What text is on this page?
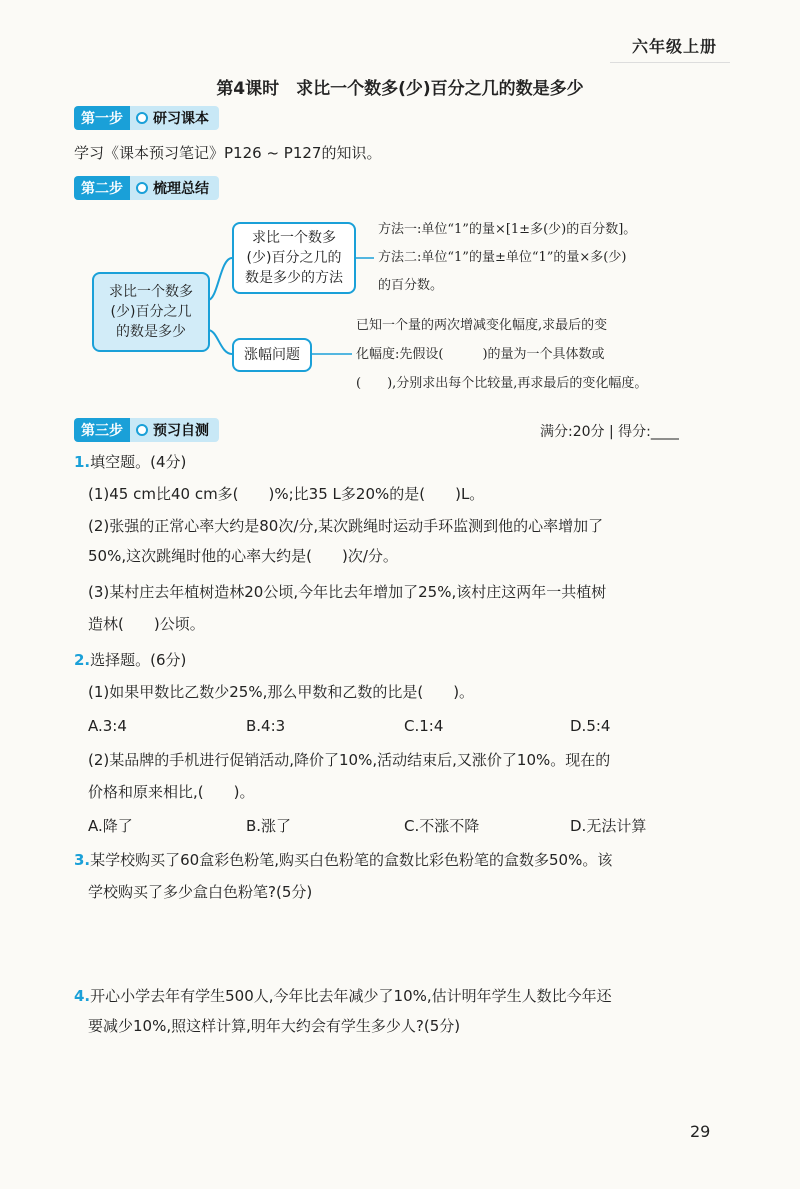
六年级上册
第4课时　求比一个数多(少)百分之几的数是多少
第一步	研习课本
学习《课本预习笔记》P126 ~ P127的知识。
第二步	梳理总结
求比一个数多
(少)百分之几
的数是多少
求比一个数多
(少)百分之几的
数是多少的方法
方法一:单位“1”的量×[1±多(少)的百分数]。
方法二:单位“1”的量±单位“1”的量×多(少)
的百分数。
涨幅问题
已知一个量的两次增减变化幅度,求最后的变
化幅度:先假设(　　　)的量为一个具体数或
(　　),分别求出每个比较量,再求最后的变化幅度。
第三步	预习自测	满分:20分 | 得分:____
1.填空题。(4分)
(1)45 cm比40 cm多(　　)%;比35 L多20%的是(　　)L。
(2)张强的正常心率大约是80次/分,某次跳绳时运动手环监测到他的心率增加了
50%,这次跳绳时他的心率大约是(　　)次/分。
(3)某村庄去年植树造林20公顷,今年比去年增加了25%,该村庄这两年一共植树
造林(　　)公顷。
2.选择题。(6分)
(1)如果甲数比乙数少25%,那么甲数和乙数的比是(　　)。
A.3:4	B.4:3	C.1:4	D.5:4
(2)某品牌的手机进行促销活动,降价了10%,活动结束后,又涨价了10%。现在的
价格和原来相比,(　　)。
A.降了	B.涨了	C.不涨不降	D.无法计算
3.某学校购买了60盒彩色粉笔,购买白色粉笔的盒数比彩色粉笔的盒数多50%。该
学校购买了多少盒白色粉笔?(5分)
4.开心小学去年有学生500人,今年比去年减少了10%,估计明年学生人数比今年还
要减少10%,照这样计算,明年大约会有学生多少人?(5分)
29
